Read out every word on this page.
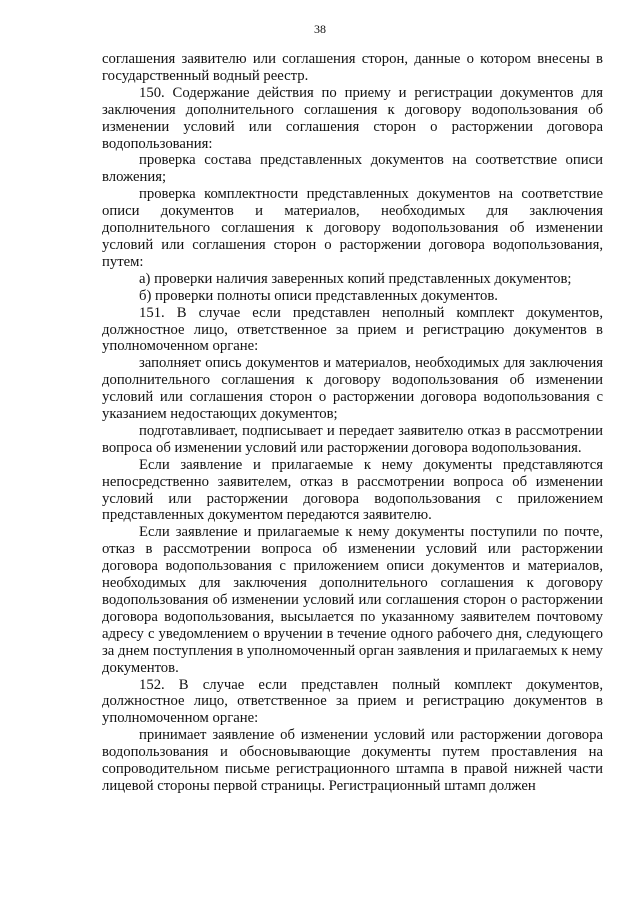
38

соглашения заявителю или соглашения сторон, данные о котором внесены в государственный водный реестр.

150. Содержание действия по приему и регистрации документов для заключения дополнительного соглашения к договору водопользования об изменении условий или соглашения сторон о расторжении договора водопользования:

проверка состава представленных документов на соответствие описи вложения;

проверка комплектности представленных документов на соответствие описи документов и материалов, необходимых для заключения дополнительного соглашения к договору водопользования об изменении условий или соглашения сторон о расторжении договора водопользования, путем:

а) проверки наличия заверенных копий представленных документов;

б) проверки полноты описи представленных документов.

151. В случае если представлен неполный комплект документов, должностное лицо, ответственное за прием и регистрацию документов в уполномоченном органе:

заполняет опись документов и материалов, необходимых для заключения дополнительного соглашения к договору водопользования об изменении условий или соглашения сторон о расторжении договора водопользования с указанием недостающих документов;

подготавливает, подписывает и передает заявителю отказ в рассмотрении вопроса об изменении условий или расторжении договора водопользования.

Если заявление и прилагаемые к нему документы представляются непосредственно заявителем, отказ в рассмотрении вопроса об изменении условий или расторжении договора водопользования с приложением представленных документом передаются заявителю.

Если заявление и прилагаемые к нему документы поступили по почте, отказ в рассмотрении вопроса об изменении условий или расторжении договора водопользования с приложением описи документов и материалов, необходимых для заключения дополнительного соглашения к договору водопользования об изменении условий или соглашения сторон о расторжении договора водопользования, высылается по указанному заявителем почтовому адресу с уведомлением о вручении в течение одного рабочего дня, следующего за днем поступления в уполномоченный орган заявления и прилагаемых к нему документов.

152. В случае если представлен полный комплект документов, должностное лицо, ответственное за прием и регистрацию документов в уполномоченном органе:

принимает заявление об изменении условий или расторжении договора водопользования и обосновывающие документы путем проставления на сопроводительном письме регистрационного штампа в правой нижней части лицевой стороны первой страницы. Регистрационный штамп должен
